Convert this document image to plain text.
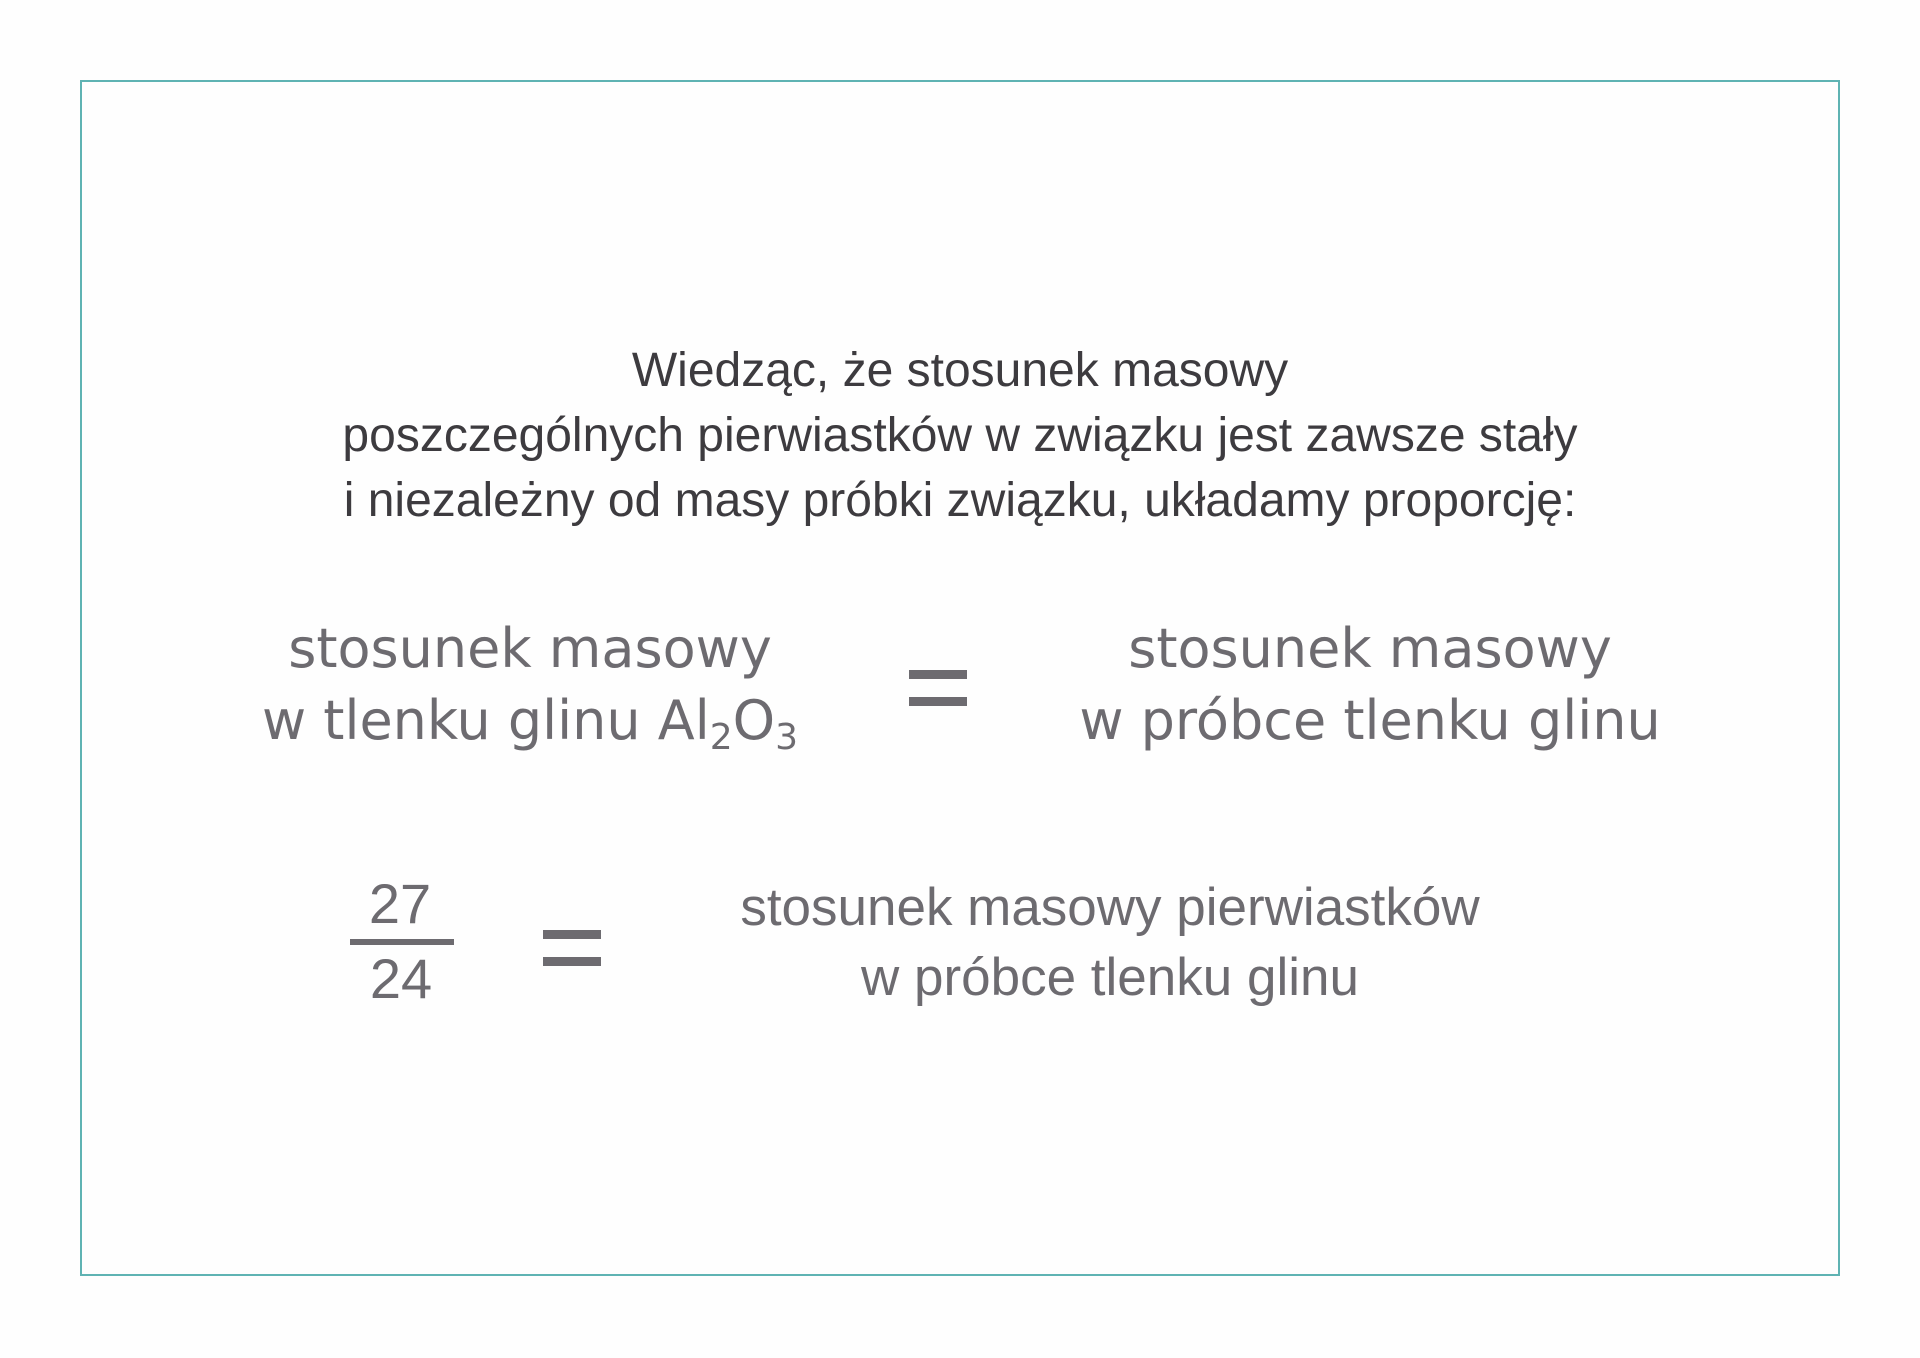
Wiedząc, że stosunek masowy
poszczególnych pierwiastków w związku jest zawsze stały
i niezależny od masy próbki związku, układamy proporcję:
stosunek masowy
w tlenku glinu $Al_2O_3$
stosunek masowy
w próbce tlenku glinu
27
24
stosunek masowy pierwiastków
w próbce tlenku glinu
